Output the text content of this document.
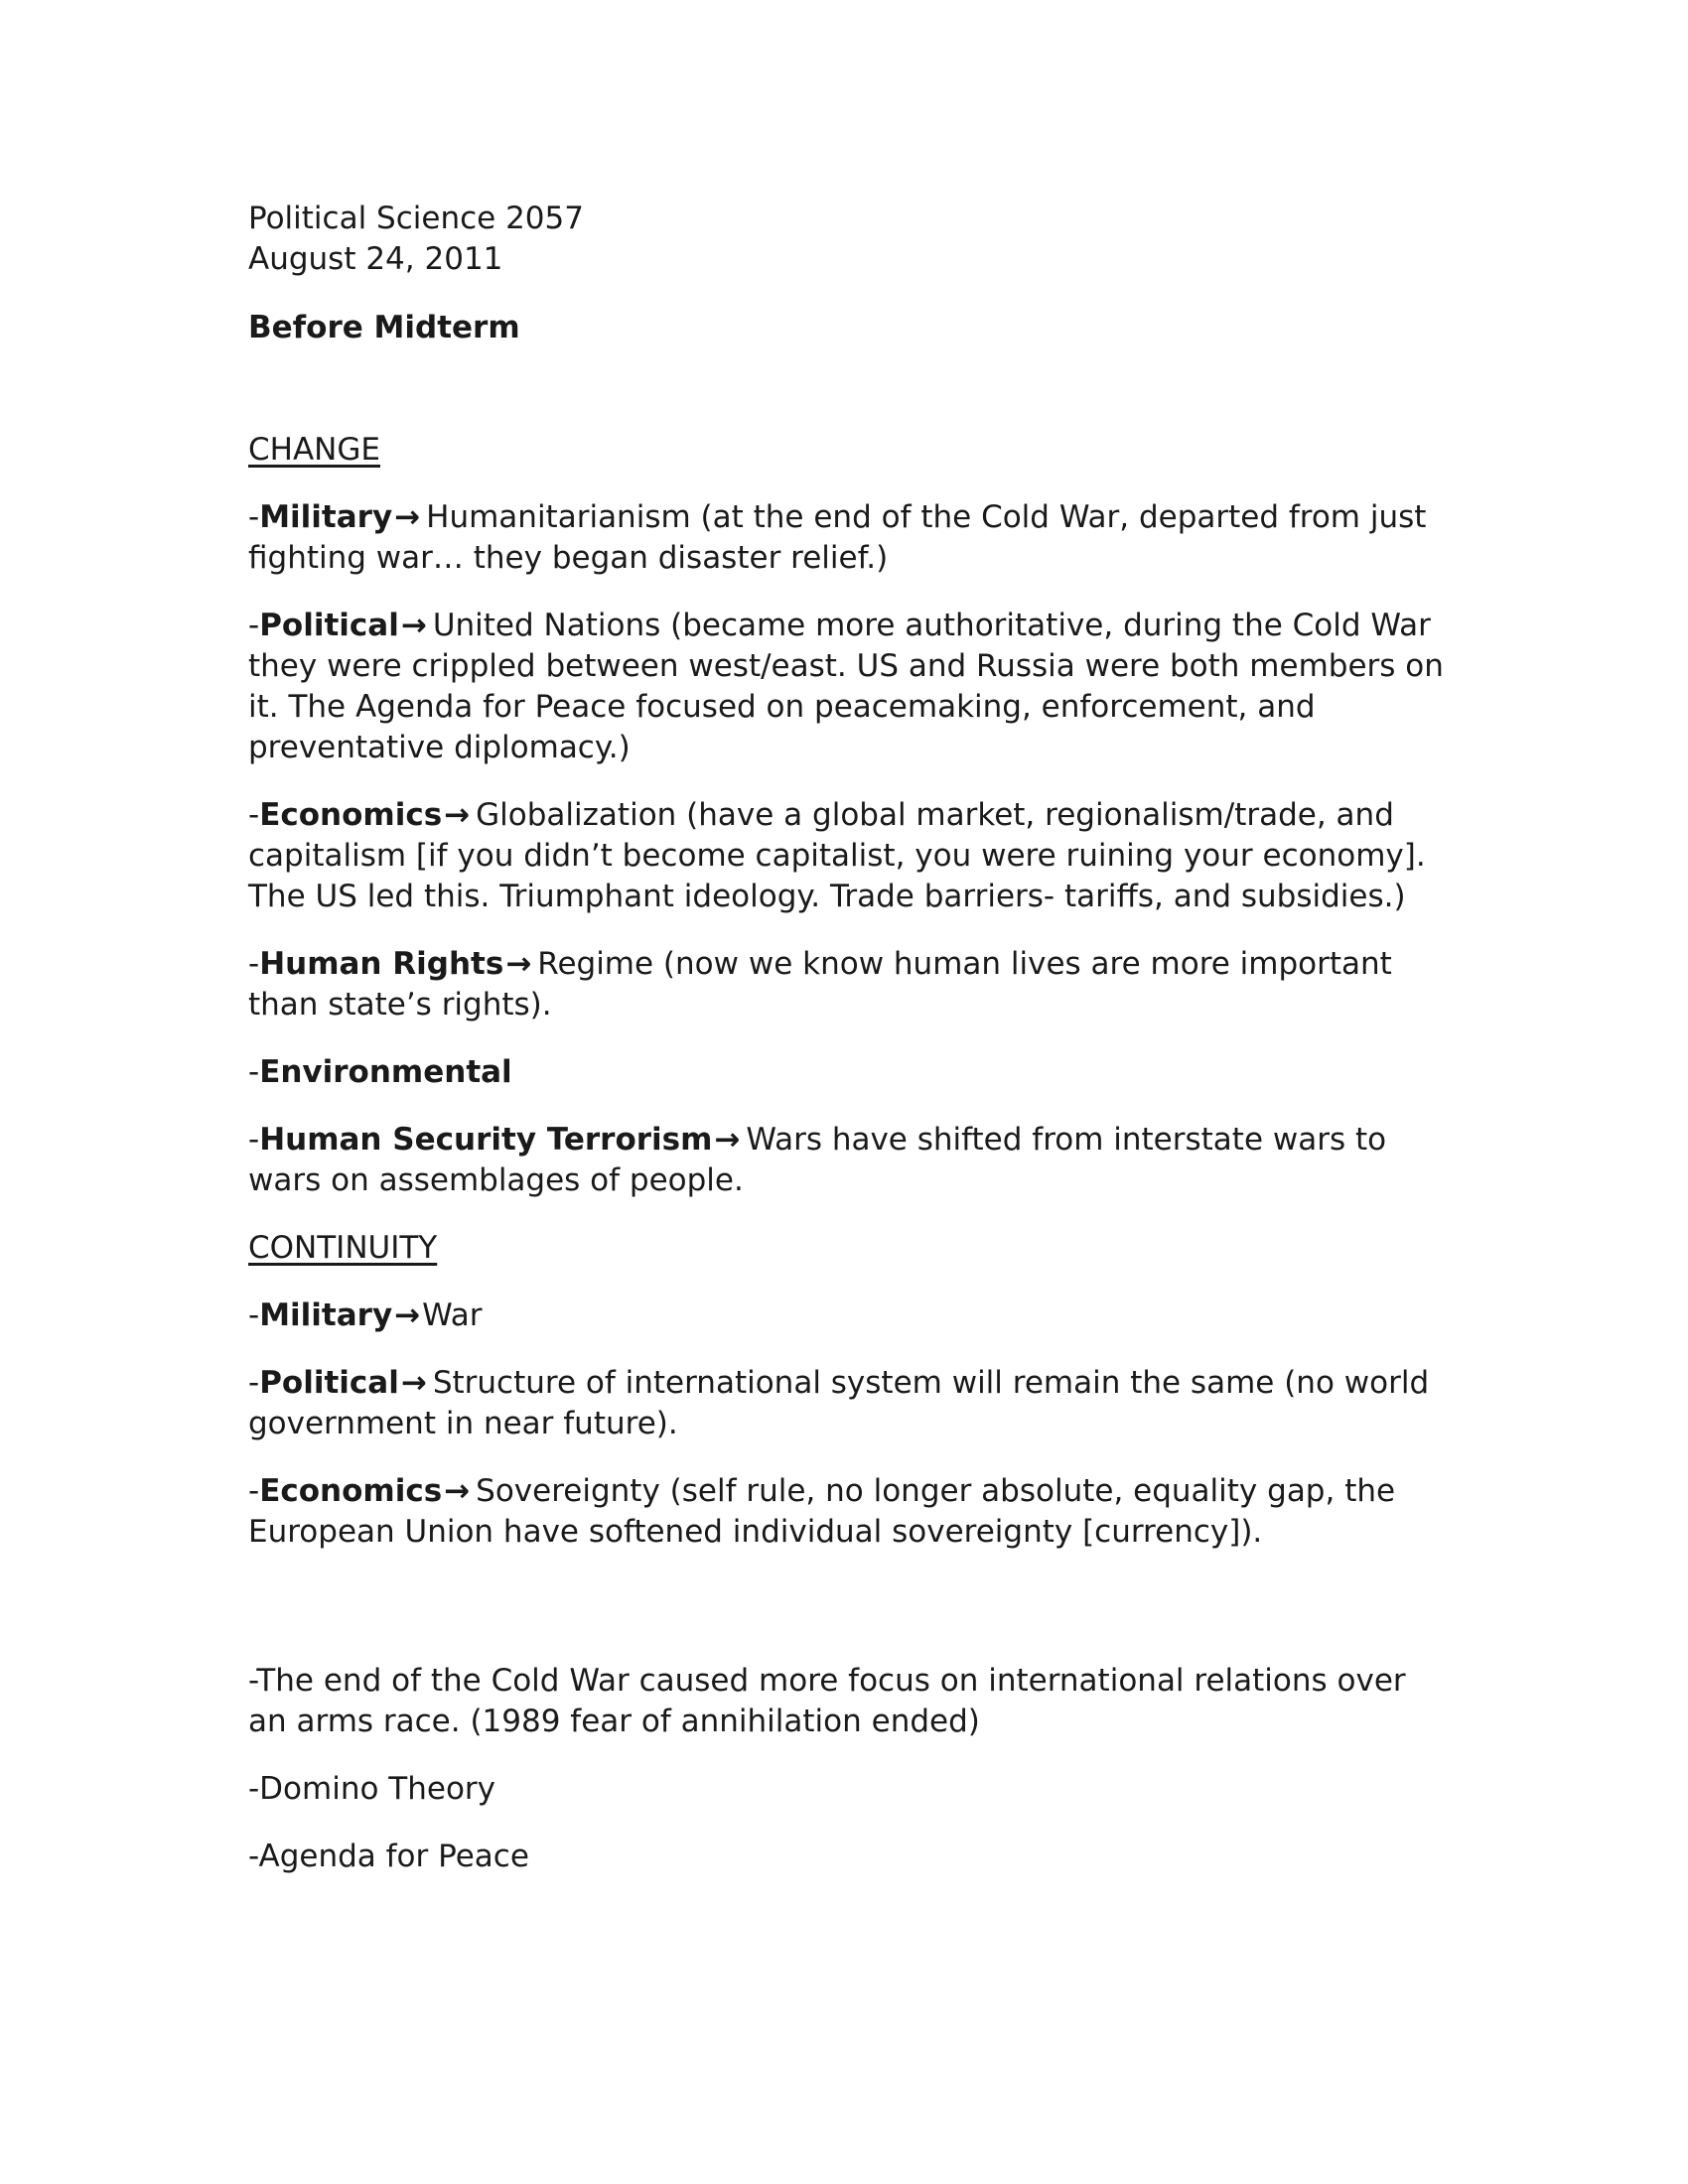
Political Science 2057

August 24, 2011

Before Midterm

CHANGE

-Military→ Humanitarianism (at the end of the Cold War, departed from just fighting war… they began disaster relief.)

-Political→ United Nations (became more authoritative, during the Cold War they were crippled between west/east. US and Russia were both members on it. The Agenda for Peace focused on peacemaking, enforcement, and preventative diplomacy.)

-Economics→ Globalization (have a global market, regionalism/trade, and capitalism [if you didn’t become capitalist, you were ruining your economy]. The US led this. Triumphant ideology. Trade barriers- tariffs, and subsidies.)

-Human Rights→ Regime (now we know human lives are more important than state’s rights).

-Environmental

-Human Security Terrorism→ Wars have shifted from interstate wars to wars on assemblages of people.

CONTINUITY

-Military→War

-Political→ Structure of international system will remain the same (no world government in near future).

-Economics→ Sovereignty (self rule, no longer absolute, equality gap, the European Union have softened individual sovereignty [currency]).

-The end of the Cold War caused more focus on international relations over an arms race. (1989 fear of annihilation ended)

-Domino Theory

-Agenda for Peace
